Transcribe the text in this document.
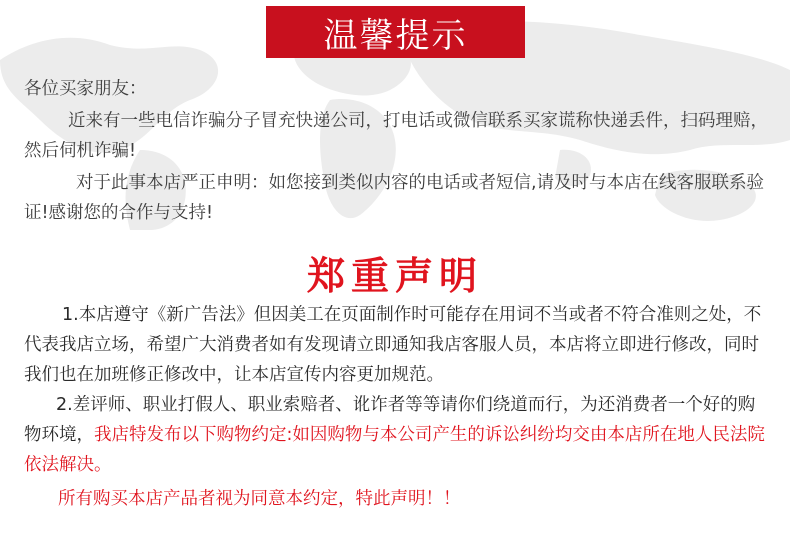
温馨提示

各位买家朋友：

近来有一些电信诈骗分子冒充快递公司，打电话或微信联系买家谎称快递丢件，扫码理赔，然后伺机诈骗!

对于此事本店严正申明：如您接到类似内容的电话或者短信,请及时与本店在线客服联系验证!感谢您的合作与支持!

郑重声明

1.本店遵守《新广告法》但因美工在页面制作时可能存在用词不当或者不符合准则之处，不代表我店立场，希望广大消费者如有发现请立即通知我店客服人员，本店将立即进行修改，同时我们也在加班修正修改中，让本店宣传内容更加规范。

2.差评师、职业打假人、职业索赔者、讹诈者等等请你们绕道而行，为还消费者一个好的购物环境，我店特发布以下购物约定:如因购物与本公司产生的诉讼纠纷均交由本店所在地人民法院依法解决。

所有购买本店产品者视为同意本约定，特此声明！！
